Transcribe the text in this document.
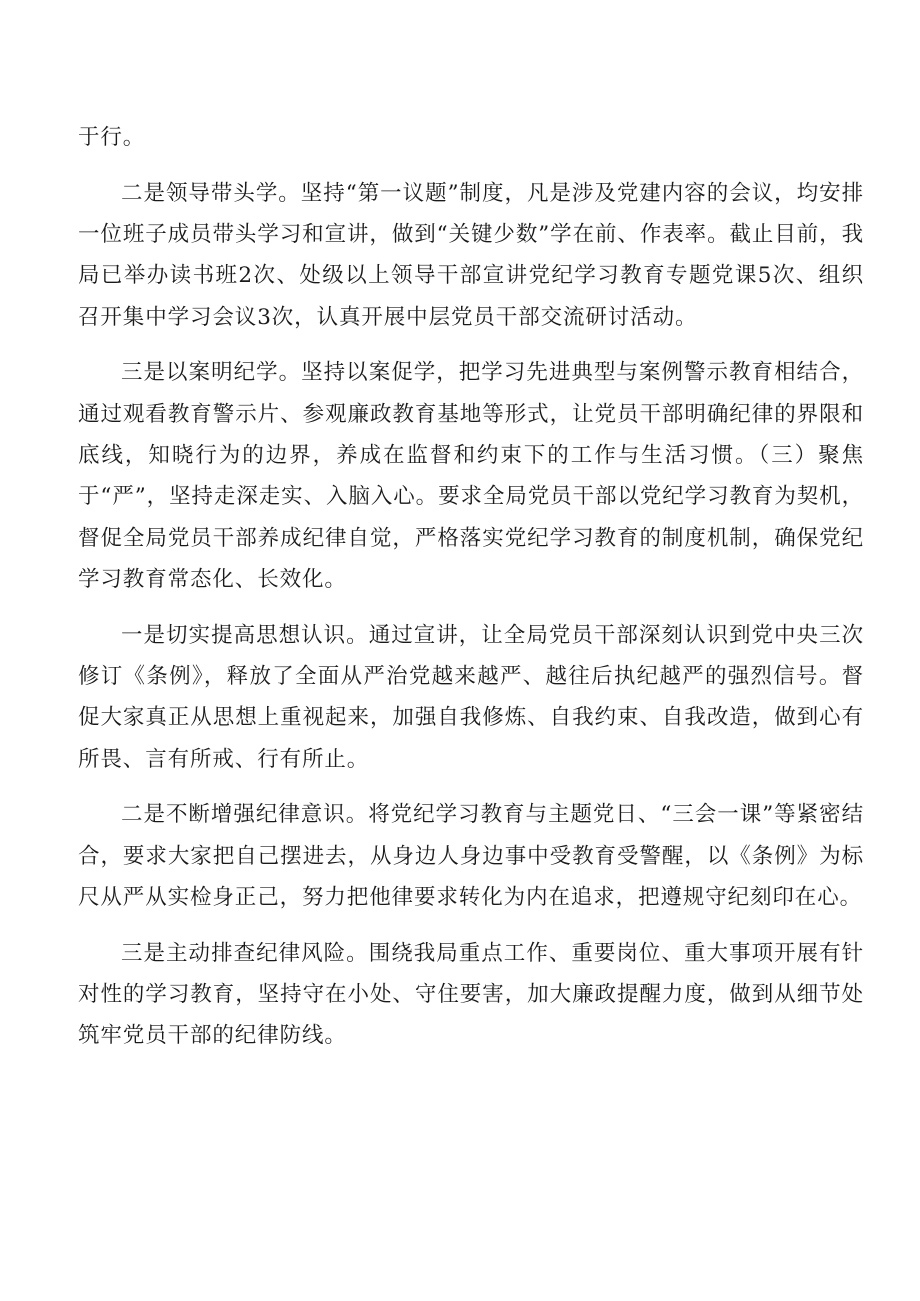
于行。

二是领导带头学。坚持“第一议题”制度，凡是涉及党建内容的会议，均安排一位班子成员带头学习和宣讲，做到“关键少数”学在前、作表率。截止目前，我局已举办读书班2次、处级以上领导干部宣讲党纪学习教育专题党课5次、组织召开集中学习会议3次，认真开展中层党员干部交流研讨活动。

三是以案明纪学。坚持以案促学，把学习先进典型与案例警示教育相结合，通过观看教育警示片、参观廉政教育基地等形式，让党员干部明确纪律的界限和底线，知晓行为的边界，养成在监督和约束下的工作与生活习惯。（三）聚焦于“严”，坚持走深走实、入脑入心。要求全局党员干部以党纪学习教育为契机，督促全局党员干部养成纪律自觉，严格落实党纪学习教育的制度机制，确保党纪学习教育常态化、长效化。

一是切实提高思想认识。通过宣讲，让全局党员干部深刻认识到党中央三次修订《条例》，释放了全面从严治党越来越严、越往后执纪越严的强烈信号。督促大家真正从思想上重视起来，加强自我修炼、自我约束、自我改造，做到心有所畏、言有所戒、行有所止。

二是不断增强纪律意识。将党纪学习教育与主题党日、“三会一课”等紧密结合，要求大家把自己摆进去，从身边人身边事中受教育受警醒，以《条例》为标尺从严从实检身正己，努力把他律要求转化为内在追求，把遵规守纪刻印在心。

三是主动排查纪律风险。围绕我局重点工作、重要岗位、重大事项开展有针对性的学习教育，坚持守在小处、守住要害，加大廉政提醒力度，做到从细节处筑牢党员干部的纪律防线。
